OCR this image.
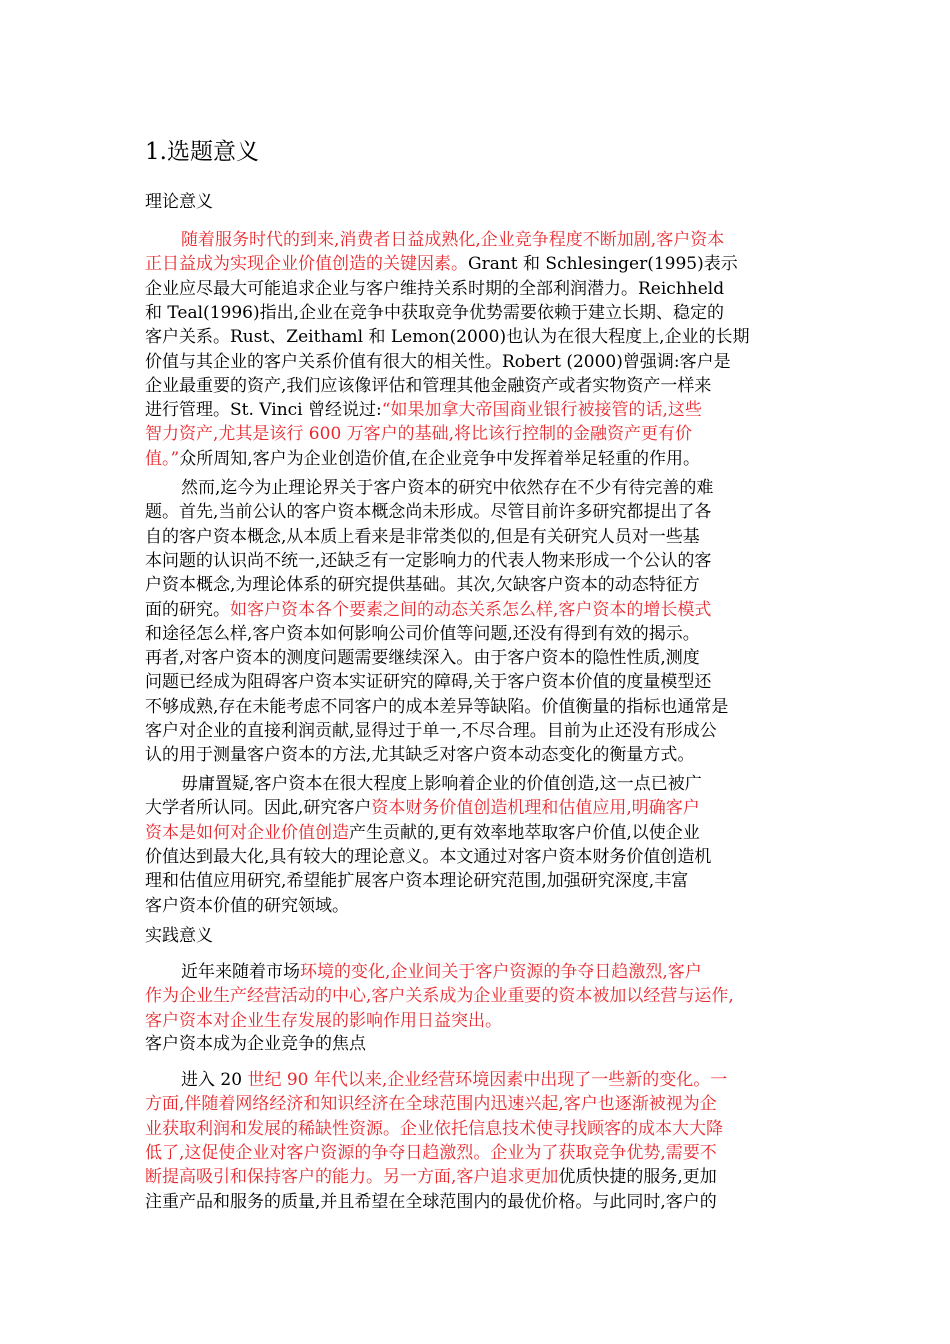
1.选题意义
理论意义
随着服务时代的到来,消费者日益成熟化,企业竞争程度不断加剧,客户资本
正日益成为实现企业价值创造的关键因素。Grant 和 Schlesinger(1995)表示
企业应尽最大可能追求企业与客户维持关系时期的全部利润潜力。Reichheld
和 Teal(1996)指出,企业在竞争中获取竞争优势需要依赖于建立长期、稳定的
客户关系。Rust、Zeithaml 和 Lemon(2000)也认为在很大程度上,企业的长期
价值与其企业的客户关系价值有很大的相关性。Robert (2000)曾强调:客户是
企业最重要的资产,我们应该像评估和管理其他金融资产或者实物资产一样来
进行管理。St. Vinci 曾经说过:“如果加拿大帝国商业银行被接管的话,这些
智力资产,尤其是该行 600 万客户的基础,将比该行控制的金融资产更有价
值。”众所周知,客户为企业创造价值,在企业竞争中发挥着举足轻重的作用。
然而,迄今为止理论界关于客户资本的研究中依然存在不少有待完善的难
题。首先,当前公认的客户资本概念尚未形成。尽管目前许多研究都提出了各
自的客户资本概念,从本质上看来是非常类似的,但是有关研究人员对一些基
本问题的认识尚不统一,还缺乏有一定影响力的代表人物来形成一个公认的客
户资本概念,为理论体系的研究提供基础。其次,欠缺客户资本的动态特征方
面的研究。如客户资本各个要素之间的动态关系怎么样,客户资本的增长模式
和途径怎么样,客户资本如何影响公司价值等问题,还没有得到有效的揭示。
再者,对客户资本的测度问题需要继续深入。由于客户资本的隐性性质,测度
问题已经成为阻碍客户资本实证研究的障碍,关于客户资本价值的度量模型还
不够成熟,存在未能考虑不同客户的成本差异等缺陷。价值衡量的指标也通常是
客户对企业的直接利润贡献,显得过于单一,不尽合理。目前为止还没有形成公
认的用于测量客户资本的方法,尤其缺乏对客户资本动态变化的衡量方式。
毋庸置疑,客户资本在很大程度上影响着企业的价值创造,这一点已被广
大学者所认同。因此,研究客户资本财务价值创造机理和估值应用,明确客户
资本是如何对企业价值创造产生贡献的,更有效率地萃取客户价值,以使企业
价值达到最大化,具有较大的理论意义。本文通过对客户资本财务价值创造机
理和估值应用研究,希望能扩展客户资本理论研究范围,加强研究深度,丰富
客户资本价值的研究领域。
实践意义
近年来随着市场环境的变化,企业间关于客户资源的争夺日趋激烈,客户
作为企业生产经营活动的中心,客户关系成为企业重要的资本被加以经营与运作,
客户资本对企业生存发展的影响作用日益突出。
客户资本成为企业竞争的焦点
进入 20 世纪 90 年代以来,企业经营环境因素中出现了一些新的变化。一
方面,伴随着网络经济和知识经济在全球范围内迅速兴起,客户也逐渐被视为企
业获取利润和发展的稀缺性资源。企业依托信息技术使寻找顾客的成本大大降
低了,这促使企业对客户资源的争夺日趋激烈。企业为了获取竞争优势,需要不
断提高吸引和保持客户的能力。另一方面,客户追求更加优质快捷的服务,更加
注重产品和服务的质量,并且希望在全球范围内的最优价格。与此同时,客户的
